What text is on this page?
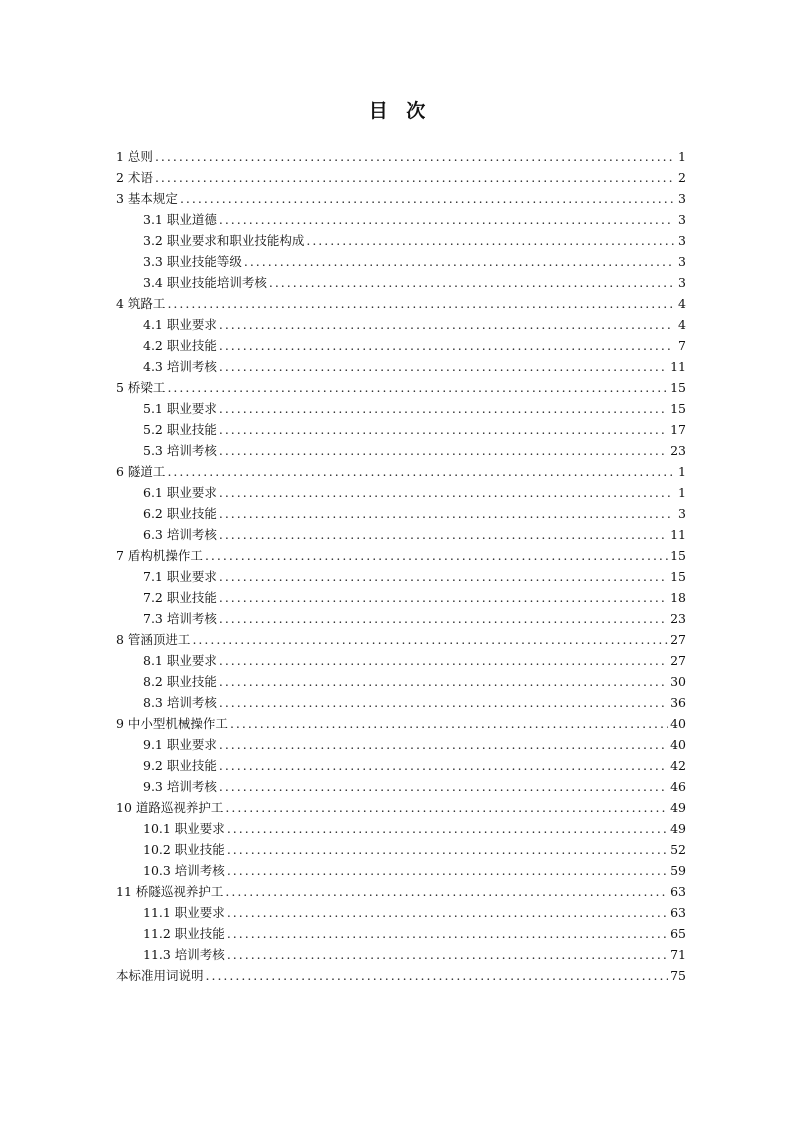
目 次
1 总则 .....	1
2 术语 .....	2
3 基本规定 .....	3
3.1 职业道德 .....	3
3.2 职业要求和职业技能构成 .....	3
3.3 职业技能等级 .....	3
3.4 职业技能培训考核 .....	3
4 筑路工 .....	4
4.1 职业要求 .....	4
4.2 职业技能 .....	7
4.3 培训考核 .....	11
5 桥梁工 .....	15
5.1 职业要求 .....	15
5.2 职业技能 .....	17
5.3 培训考核 .....	23
6 隧道工 .....	1
6.1 职业要求 .....	1
6.2 职业技能 .....	3
6.3 培训考核 .....	11
7 盾构机操作工 .....	15
7.1 职业要求 .....	15
7.2 职业技能 .....	18
7.3 培训考核 .....	23
8 管涵顶进工 .....	27
8.1 职业要求 .....	27
8.2 职业技能 .....	30
8.3 培训考核 .....	36
9 中小型机械操作工 .....	40
9.1 职业要求 .....	40
9.2 职业技能 .....	42
9.3 培训考核 .....	46
10 道路巡视养护工 .....	49
10.1 职业要求 .....	49
10.2 职业技能 .....	52
10.3 培训考核 .....	59
11 桥隧巡视养护工 .....	63
11.1 职业要求 .....	63
11.2 职业技能 .....	65
11.3 培训考核 .....	71
本标准用词说明 .....	75
